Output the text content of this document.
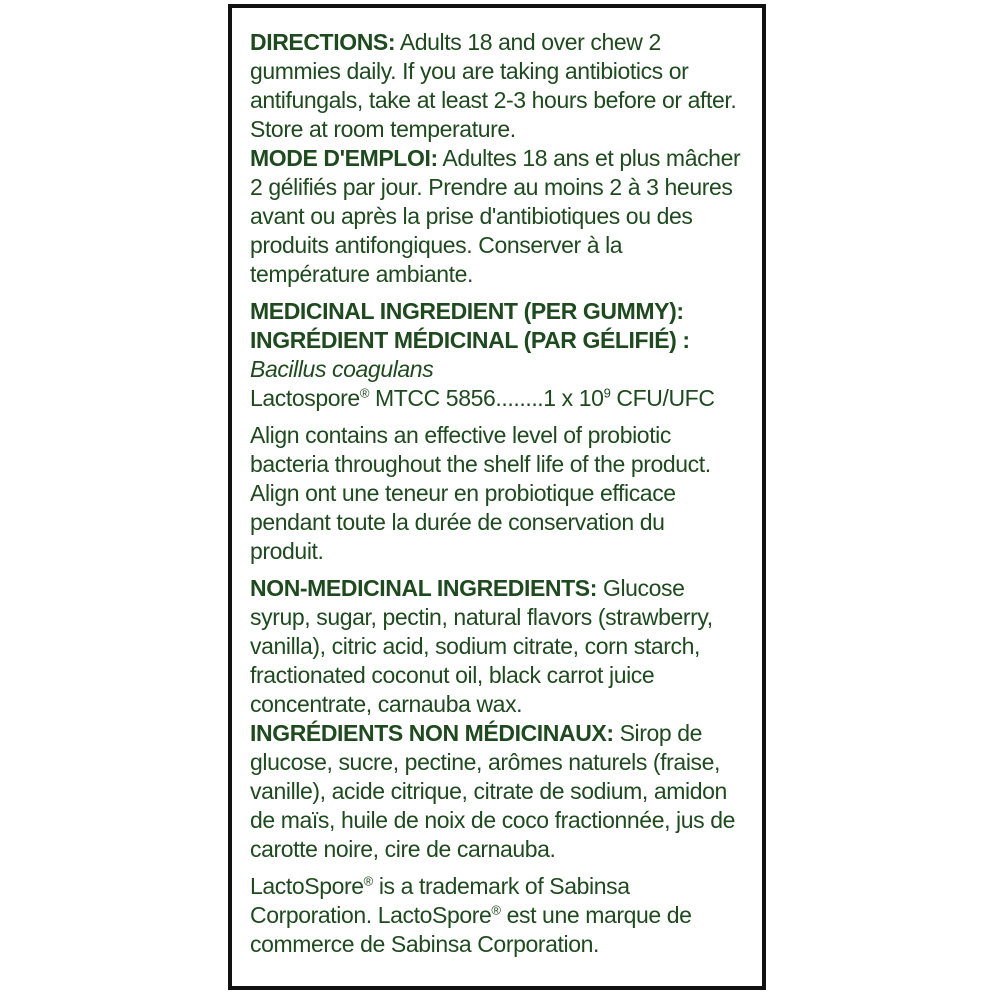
DIRECTIONS: Adults 18 and over chew 2 gummies daily. If you are taking antibiotics or antifungals, take at least 2-3 hours before or after. Store at room temperature.
MODE D'EMPLOI: Adultes 18 ans et plus mâcher 2 gélifiés par jour. Prendre au moins 2 à 3 heures avant ou après la prise d'antibiotiques ou des produits antifongiques. Conserver à la température ambiante.

MEDICINAL INGREDIENT (PER GUMMY):
INGRÉDIENT MÉDICINAL (PAR GÉLIFIÉ) :
Bacillus coagulans
Lactospore® MTCC 5856........1 x $10^9$ CFU/UFC

Align contains an effective level of probiotic bacteria throughout the shelf life of the product. Align ont une teneur en probiotique efficace pendant toute la durée de conservation du produit.

NON-MEDICINAL INGREDIENTS: Glucose syrup, sugar, pectin, natural flavors (strawberry, vanilla), citric acid, sodium citrate, corn starch, fractionated coconut oil, black carrot juice concentrate, carnauba wax.
INGRÉDIENTS NON MÉDICINAUX: Sirop de glucose, sucre, pectine, arômes naturels (fraise, vanille), acide citrique, citrate de sodium, amidon de maïs, huile de noix de coco fractionnée, jus de carotte noire, cire de carnauba.

LactoSpore® is a trademark of Sabinsa Corporation. LactoSpore® est une marque de commerce de Sabinsa Corporation.
